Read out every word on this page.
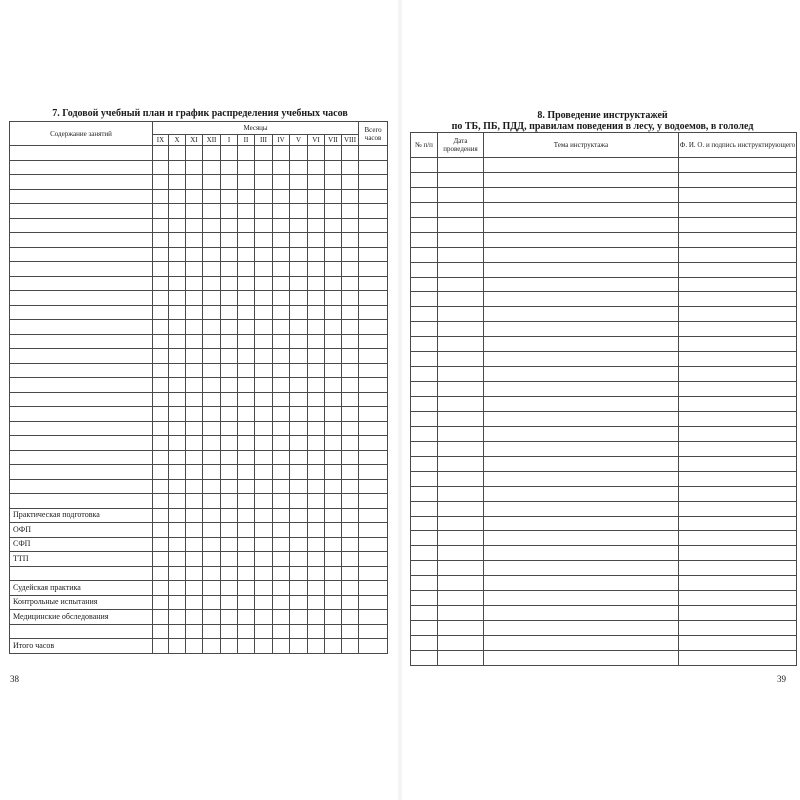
7. Годовой учебный план и график распределения учебных часов
Содержание занятий	Месяцы												Всего часов
	IX	X	XI	XII	I	II	III	IV	V	VI	VII	VIII	

Практическая подготовка													
ОФП													
СФП													
ТТП													

Судейская практика													
Контрольные испытания													
Медицинские обследования													

Итого часов													
38
8. Проведение инструктажей
по ТБ, ПБ, ПДД, правилам поведения в лесу, у водоемов, в гололед
№ п/п	Дата проведения	Тема инструктажа	Ф. И. О. и подпись инструктирующего

39
